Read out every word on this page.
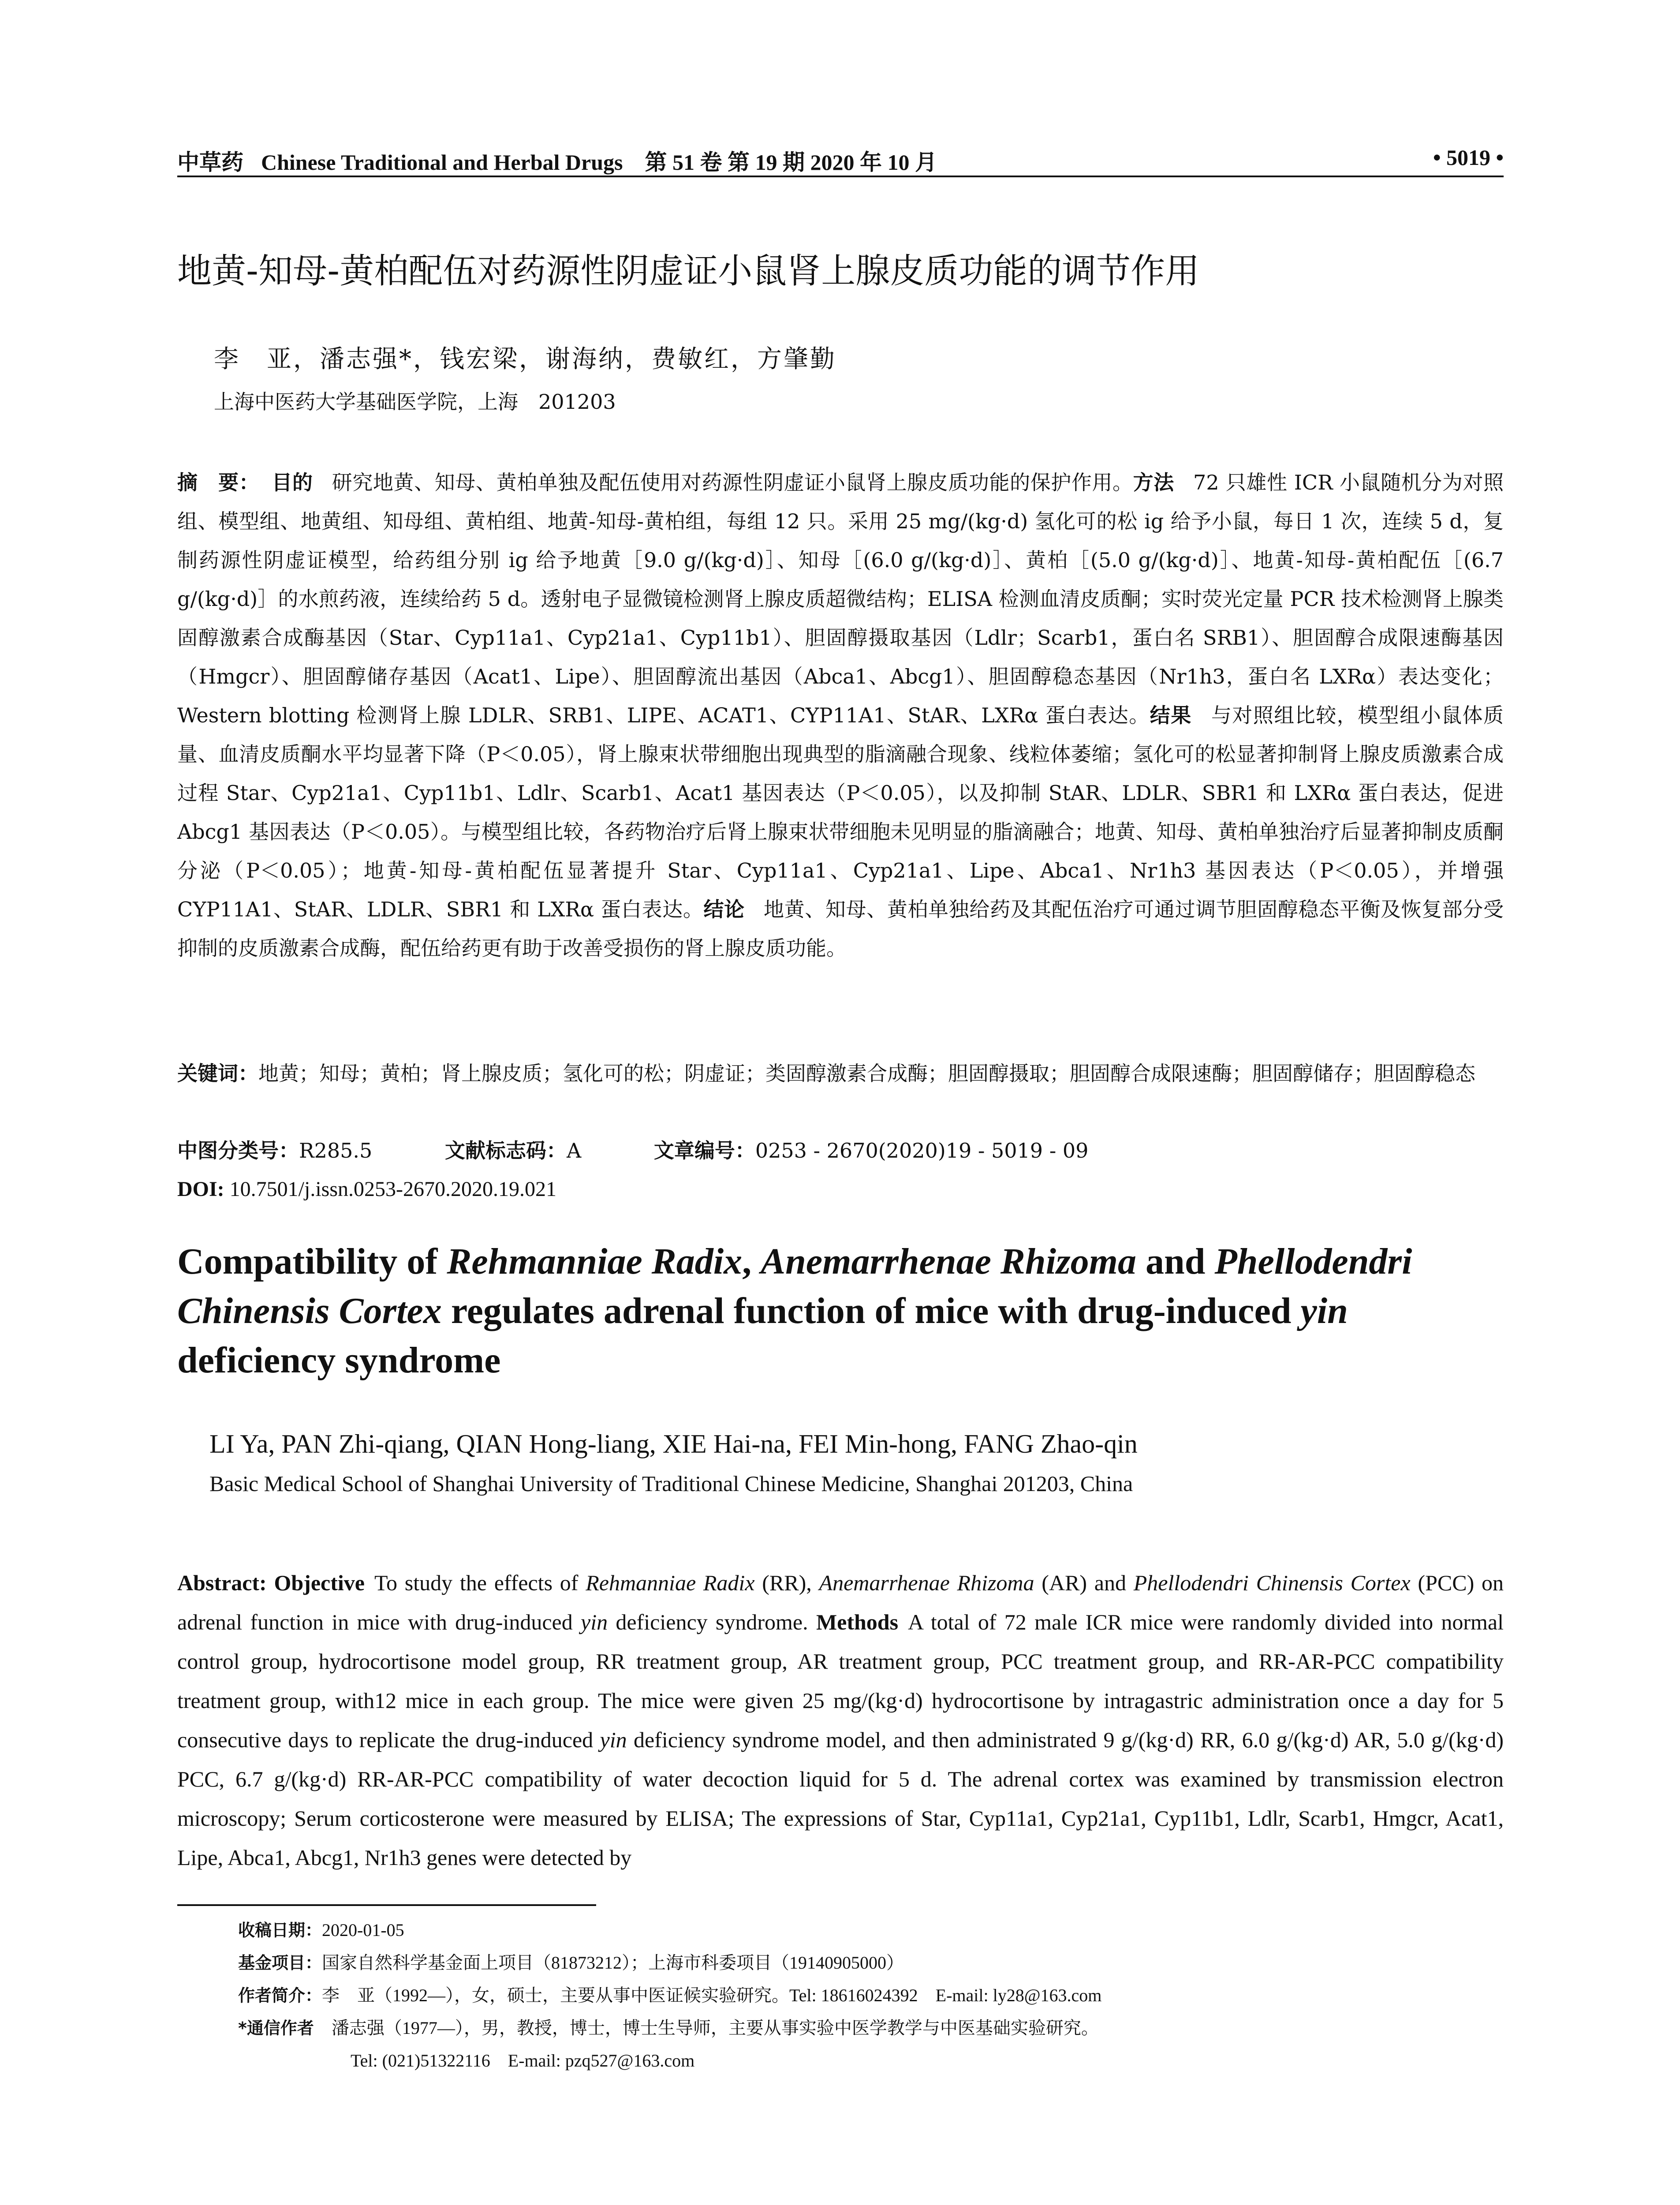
中草药 Chinese Traditional and Herbal Drugs　第 51 卷 第 19 期 2020 年 10 月	• 5019 •
地黄-知母-黄柏配伍对药源性阴虚证小鼠肾上腺皮质功能的调节作用
李　亚，潘志强*，钱宏梁，谢海纳，费敏红，方肇勤
上海中医药大学基础医学院，上海　201203
摘　要： 目的 研究地黄、知母、黄柏单独及配伍使用对药源性阴虚证小鼠肾上腺皮质功能的保护作用。方法 72 只雄性 ICR 小鼠随机分为对照组、模型组、地黄组、知母组、黄柏组、地黄-知母-黄柏组，每组 12 只。采用 25 mg/(kg·d) 氢化可的松 ig 给予小鼠，每日 1 次，连续 5 d，复制药源性阴虚证模型，给药组分别 ig 给予地黄［9.0 g/(kg·d)］、知母［(6.0 g/(kg·d)］、黄柏［(5.0 g/(kg·d)］、地黄-知母-黄柏配伍［(6.7 g/(kg·d)］的水煎药液，连续给药 5 d。透射电子显微镜检测肾上腺皮质超微结构；ELISA 检测血清皮质酮；实时荧光定量 PCR 技术检测肾上腺类固醇激素合成酶基因（Star、Cyp11a1、Cyp21a1、Cyp11b1）、胆固醇摄取基因（Ldlr；Scarb1，蛋白名 SRB1）、胆固醇合成限速酶基因（Hmgcr）、胆固醇储存基因（Acat1、Lipe）、胆固醇流出基因（Abca1、Abcg1）、胆固醇稳态基因（Nr1h3，蛋白名 LXRα）表达变化；Western blotting 检测肾上腺 LDLR、SRB1、LIPE、ACAT1、CYP11A1、StAR、LXRα 蛋白表达。结果 与对照组比较，模型组小鼠体质量、血清皮质酮水平均显著下降（P＜0.05），肾上腺束状带细胞出现典型的脂滴融合现象、线粒体萎缩；氢化可的松显著抑制肾上腺皮质激素合成过程 Star、Cyp21a1、Cyp11b1、Ldlr、Scarb1、Acat1 基因表达（P＜0.05），以及抑制 StAR、LDLR、SBR1 和 LXRα 蛋白表达，促进 Abcg1 基因表达（P＜0.05）。与模型组比较，各药物治疗后肾上腺束状带细胞未见明显的脂滴融合；地黄、知母、黄柏单独治疗后显著抑制皮质酮分泌（P＜0.05）；地黄-知母-黄柏配伍显著提升 Star、Cyp11a1、Cyp21a1、Lipe、Abca1、Nr1h3 基因表达（P＜0.05），并增强 CYP11A1、StAR、LDLR、SBR1 和 LXRα 蛋白表达。结论 地黄、知母、黄柏单独给药及其配伍治疗可通过调节胆固醇稳态平衡及恢复部分受抑制的皮质激素合成酶，配伍给药更有助于改善受损伤的肾上腺皮质功能。
关键词：地黄；知母；黄柏；肾上腺皮质；氢化可的松；阴虚证；类固醇激素合成酶；胆固醇摄取；胆固醇合成限速酶；胆固醇储存；胆固醇稳态
中图分类号：R285.5	文献标志码：A	文章编号：0253 - 2670(2020)19 - 5019 - 09
DOI: 10.7501/j.issn.0253-2670.2020.19.021
Compatibility of Rehmanniae Radix, Anemarrhenae Rhizoma and Phellodendri Chinensis Cortex regulates adrenal function of mice with drug-induced yin deficiency syndrome
LI Ya, PAN Zhi-qiang, QIAN Hong-liang, XIE Hai-na, FEI Min-hong, FANG Zhao-qin
Basic Medical School of Shanghai University of Traditional Chinese Medicine, Shanghai 201203, China
Abstract: Objective To study the effects of Rehmanniae Radix (RR), Anemarrhenae Rhizoma (AR) and Phellodendri Chinensis Cortex (PCC) on adrenal function in mice with drug-induced yin deficiency syndrome. Methods A total of 72 male ICR mice were randomly divided into normal control group, hydrocortisone model group, RR treatment group, AR treatment group, PCC treatment group, and RR-AR-PCC compatibility treatment group, with12 mice in each group. The mice were given 25 mg/(kg·d) hydrocortisone by intragastric administration once a day for 5 consecutive days to replicate the drug-induced yin deficiency syndrome model, and then administrated 9 g/(kg·d) RR, 6.0 g/(kg·d) AR, 5.0 g/(kg·d) PCC, 6.7 g/(kg·d) RR-AR-PCC compatibility of water decoction liquid for 5 d. The adrenal cortex was examined by transmission electron microscopy; Serum corticosterone were measured by ELISA; The expressions of Star, Cyp11a1, Cyp21a1, Cyp11b1, Ldlr, Scarb1, Hmgcr, Acat1, Lipe, Abca1, Abcg1, Nr1h3 genes were detected by
收稿日期：2020-01-05
基金项目：国家自然科学基金面上项目（81873212）；上海市科委项目（19140905000）
作者简介：李　亚（1992—），女，硕士，主要从事中医证候实验研究。Tel: 18616024392　E-mail: ly28@163.com
*通信作者　 潘志强（1977—），男，教授，博士，博士生导师，主要从事实验中医学教学与中医基础实验研究。
Tel: (021)51322116　E-mail: pzq527@163.com
